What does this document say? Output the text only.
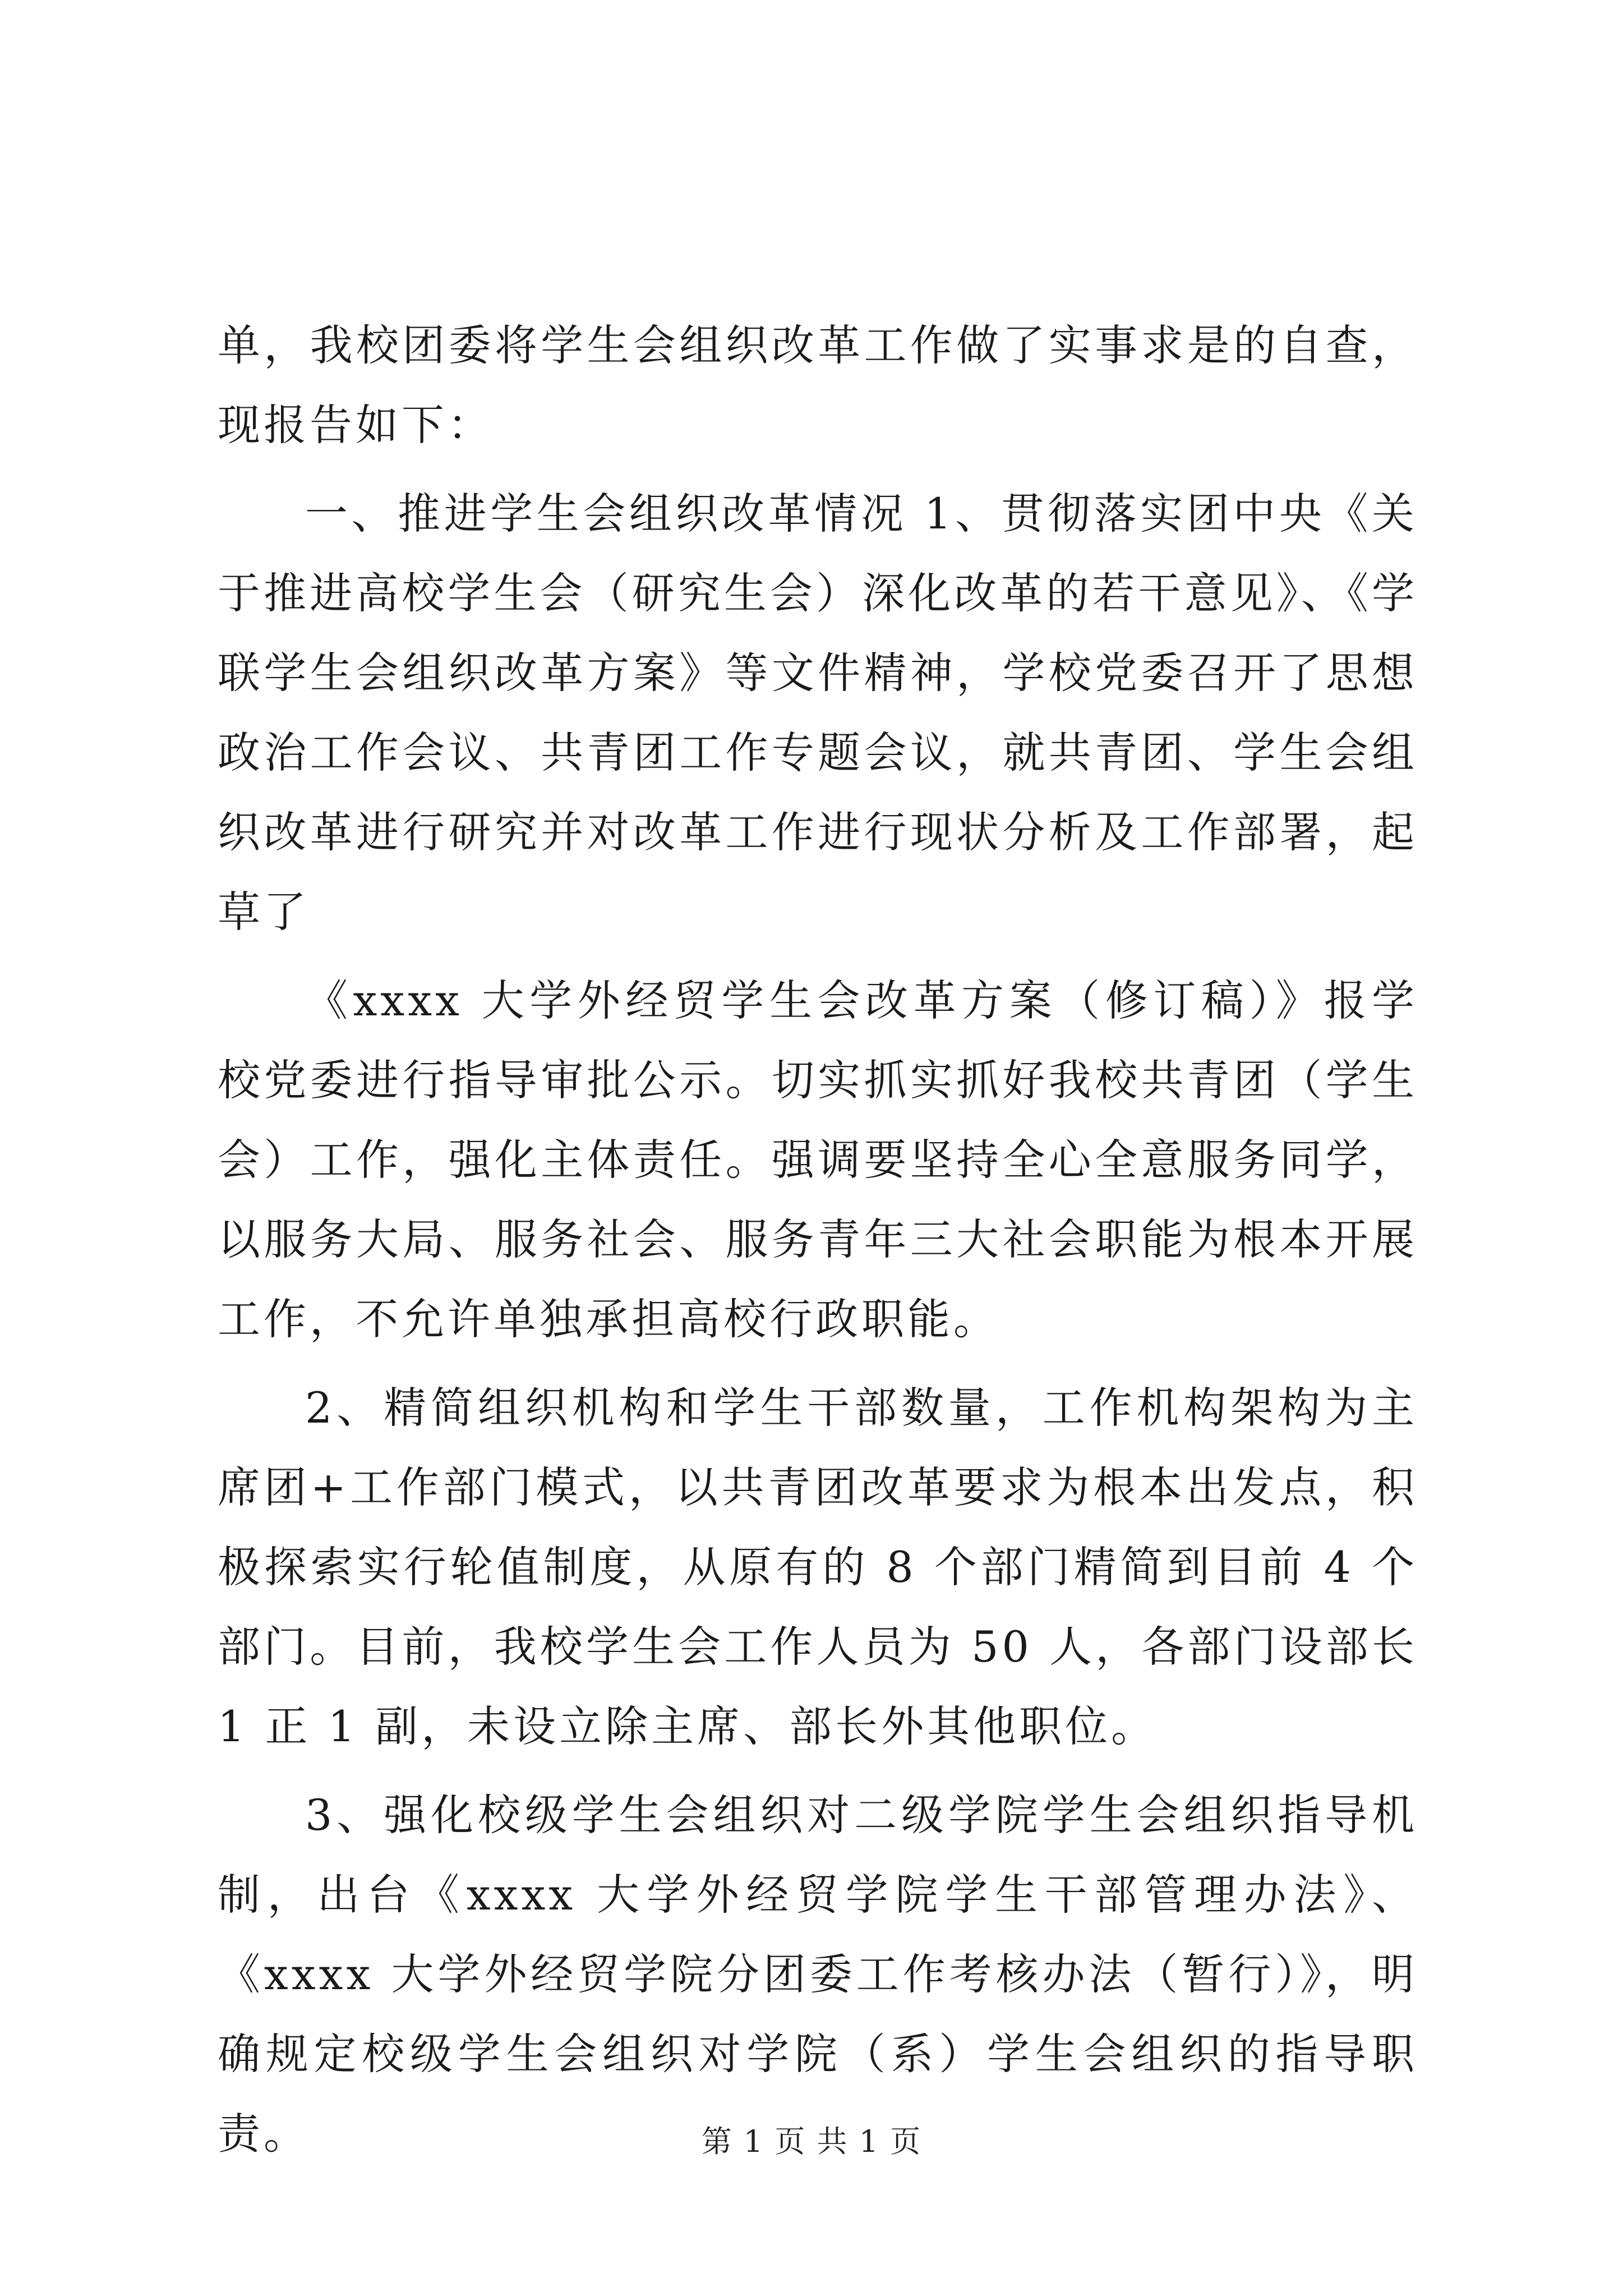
单，我校团委将学生会组织改革工作做了实事求是的自查，现报告如下：

一、推进学生会组织改革情况 1、贯彻落实团中央《关于推进高校学生会（研究生会）深化改革的若干意见》、《学联学生会组织改革方案》等文件精神，学校党委召开了思想政治工作会议、共青团工作专题会议，就共青团、学生会组织改革进行研究并对改革工作进行现状分析及工作部署，起草了

《xxxx 大学外经贸学生会改革方案（修订稿）》报学校党委进行指导审批公示。切实抓实抓好我校共青团（学生会）工作，强化主体责任。强调要坚持全心全意服务同学，以服务大局、服务社会、服务青年三大社会职能为根本开展工作，不允许单独承担高校行政职能。

2、精简组织机构和学生干部数量，工作机构架构为主席团+工作部门模式，以共青团改革要求为根本出发点，积极探索实行轮值制度，从原有的 8 个部门精简到目前 4 个部门。目前，我校学生会工作人员为 50 人，各部门设部长 1 正 1 副，未设立除主席、部长外其他职位。

3、强化校级学生会组织对二级学院学生会组织指导机制，出台《xxxx 大学外经贸学院学生干部管理办法》、《xxxx 大学外经贸学院分团委工作考核办法（暂行）》，明确规定校级学生会组织对学院（系）学生会组织的指导职责。	第 1 页 共 1 页
